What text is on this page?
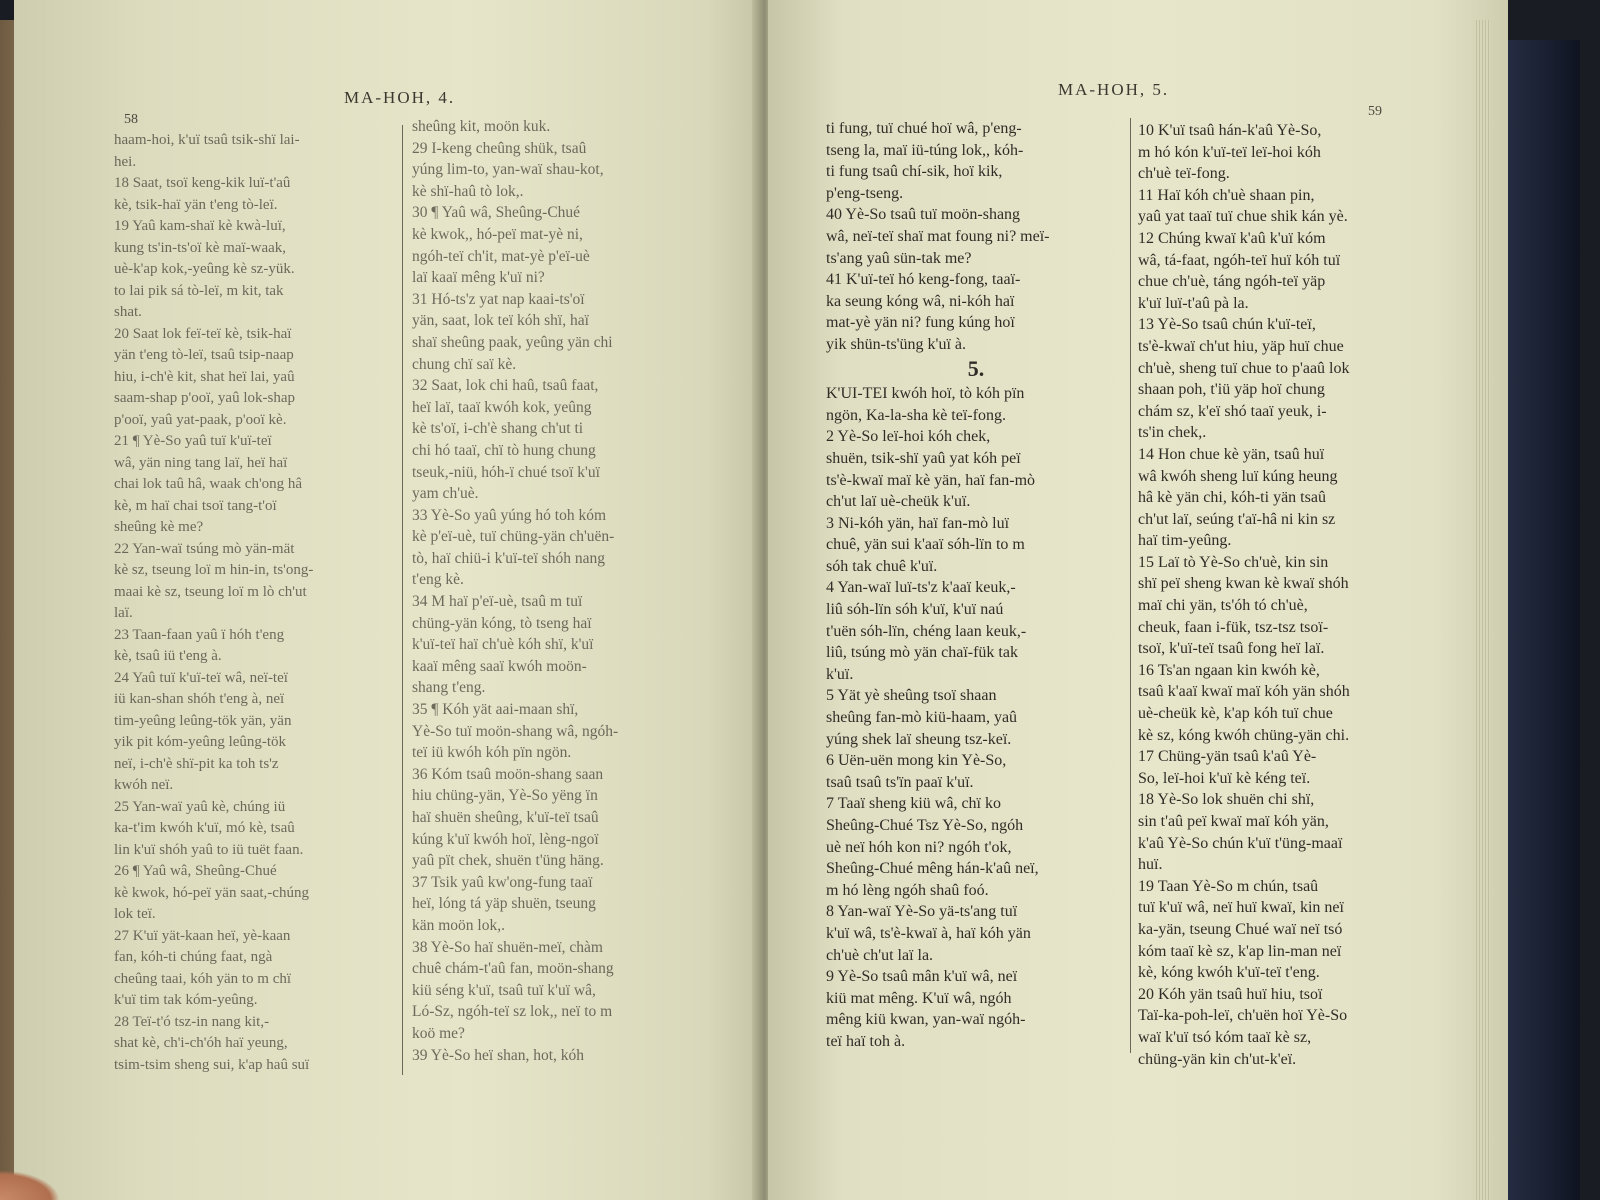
MA-HOH, 4.
58

haam-hoi, k'uï tsaû tsik-shï lai-

hei.

18 Saat, tsoï keng-kik luï-t'aû

kè, tsik-haï yän t'eng tò-leï.

19 Yaû kam-shaï kè kwà-luï,

kung ts'in-ts'oï kè maï-waak,

uè-k'ap kok,-yeûng kè sz-yük.

to lai pik sá tò-leï, m kit, tak

shat.

20 Saat lok feï-teï kè, tsik-haï

yän t'eng tò-leï, tsaû tsip-naap

hiu, i-ch'è kit, shat heï lai, yaû

saam-shap p'ooï, yaû lok-shap

p'ooï, yaû yat-paak, p'ooï kè.

21 ¶ Yè-So yaû tuï k'uï-teï

wâ, yän ning tang laï, heï haï

chai lok taû hâ, waak ch'ong hâ

kè, m haï chai tsoï tang-t'oï

sheûng kè me?

22 Yan-waï tsúng mò yän-mät

kè sz, tseung loï m hin-in, ts'ong-

maai kè sz, tseung loï m lò ch'ut

laï.

23 Taan-faan yaû ï hóh t'eng

kè, tsaû iü t'eng à.

24 Yaû tuï k'uï-teï wâ, neï-teï

iü kan-shan shóh t'eng à, neï

tim-yeûng leûng-tök yän, yän

yik pit kóm-yeûng leûng-tök

neï, i-ch'è shï-pit ka toh ts'z

kwóh neï.

25 Yan-waï yaû kè, chúng iü

ka-t'im kwóh k'uï, mó kè, tsaû

lin k'uï shóh yaû to iü tuët faan.

26 ¶ Yaû wâ, Sheûng-Chué

kè kwok, hó-peï yän saat,-chúng

lok teï.

27 K'uï yät-kaan heï, yè-kaan

fan, kóh-ti chúng faat, ngà

cheûng taai, kóh yän to m chï

k'uï tim tak kóm-yeûng.

28 Teï-t'ó tsz-in nang kit,-

shat kè, ch'i-ch'óh haï yeung,

tsim-tsim sheng sui, k'ap haû suï

sheûng kit, moön kuk.

29 I-keng cheûng shük, tsaû

yúng lim-to, yan-waï shau-kot,

kè shï-haû tò lok,.

30 ¶ Yaû wâ, Sheûng-Chué

kè kwok,, hó-peï mat-yè ni,

ngóh-teï ch'it, mat-yè p'eï-uè

laï kaaï mêng k'uï ni?

31 Hó-ts'z yat nap kaai-ts'oï

yän, saat, lok teï kóh shï, haï

shaï sheûng paak, yeûng yän chi

chung chï saï kè.

32 Saat, lok chi haû, tsaû faat,

heï laï, taaï kwóh kok, yeûng

kè ts'oï, i-ch'è shang ch'ut ti

chi hó taaï, chï tò hung chung

tseuk,-niü, hóh-ï chué tsoï k'uï

yam ch'uè.

33 Yè-So yaû yúng hó toh kóm

kè p'eï-uè, tuï chüng-yän ch'uën-

tò, haï chiü-i k'uï-teï shóh nang

t'eng kè.

34 M haï p'eï-uè, tsaû m tuï

chüng-yän kóng, tò tseng haï

k'uï-teï haï ch'uè kóh shï, k'uï

kaaï mêng saaï kwóh moön-

shang t'eng.

35 ¶ Kóh yät aai-maan shï,

Yè-So tuï moön-shang wâ, ngóh-

teï iü kwóh kóh pïn ngön.

36 Kóm tsaû moön-shang saan

hiu chüng-yän, Yè-So yëng ïn

haï shuën sheûng, k'uï-teï tsaû

kúng k'uï kwóh hoï, lèng-ngoï

yaû pït chek, shuën t'üng häng.

37 Tsik yaû kw'ong-fung taaï

heï, lóng tá yäp shuën, tseung

kän moön lok,.

38 Yè-So haï shuën-meï, chàm

chuê chám-t'aû fan, moön-shang

kiü séng k'uï, tsaû tuï k'uï wâ,

Ló-Sz, ngóh-teï sz lok,, neï to m

koö me?

39 Yè-So heï shan, hot, kóh

MA-HOH, 5.
59

ti fung, tuï chué hoï wâ, p'eng-

tseng la, maï iü-túng lok,, kóh-

ti fung tsaû chí-sik, hoï kik,

p'eng-tseng.

40 Yè-So tsaû tuï moön-shang

wâ, neï-teï shaï mat foung ni? meï-

ts'ang yaû sün-tak me?

41 K'uï-teï hó keng-fong, taaï-

ka seung kóng wâ, ni-kóh haï

mat-yè yän ni? fung kúng hoï

yik shün-ts'üng k'uï à.

5.

K'UI-TEI kwóh hoï, tò kóh pïn

ngön, Ka-la-sha kè teï-fong.

2 Yè-So leï-hoi kóh chek,

shuën, tsik-shï yaû yat kóh peï

ts'è-kwaï maï kè yän, haï fan-mò

ch'ut laï uè-cheük k'uï.

3 Ni-kóh yän, haï fan-mò luï

chuê, yän sui k'aaï sóh-lïn to m

sóh tak chuê k'uï.

4 Yan-waï luï-ts'z k'aaï keuk,-

liû sóh-lïn sóh k'uï, k'uï naú

t'uën sóh-lïn, chéng laan keuk,-

liû, tsúng mò yän chaï-fük tak

k'uï.

5 Yät yè sheûng tsoï shaan

sheûng fan-mò kiü-haam, yaû

yúng shek laï sheung tsz-keï.

6 Uën-uën mong kin Yè-So,

tsaû tsaû ts'ïn paaï k'uï.

7 Taaï sheng kiü wâ, chï ko

Sheûng-Chué Tsz Yè-So, ngóh

uè neï hóh kon ni? ngóh t'ok,

Sheûng-Chué mêng hán-k'aû neï,

m hó lèng ngóh shaû foó.

8 Yan-waï Yè-So yä-ts'ang tuï

k'uï wâ, ts'è-kwaï à, haï kóh yän

ch'uè ch'ut laï la.

9 Yè-So tsaû mân k'uï wâ, neï

kiü mat mêng. K'uï wâ, ngóh

mêng kiü kwan, yan-waï ngóh-

teï haï toh à.

10 K'uï tsaû hán-k'aû Yè-So,

m hó kón k'uï-teï leï-hoi kóh

ch'uè teï-fong.

11 Haï kóh ch'uè shaan pin,

yaû yat taaï tuï chue shik kán yè.

12 Chúng kwaï k'aû k'uï kóm

wâ, tá-faat, ngóh-teï huï kóh tuï

chue ch'uè, táng ngóh-teï yäp

k'uï luï-t'aû pà la.

13 Yè-So tsaû chún k'uï-teï,

ts'è-kwaï ch'ut hiu, yäp huï chue

ch'uè, sheng tuï chue to p'aaû lok

shaan poh, t'iü yäp hoï chung

chám sz, k'eï shó taaï yeuk, i-

ts'in chek,.

14 Hon chue kè yän, tsaû huï

wâ kwóh sheng luï kúng heung

hâ kè yän chi, kóh-ti yän tsaû

ch'ut laï, seúng t'aï-hâ ni kin sz

haï tim-yeûng.

15 Laï tò Yè-So ch'uè, kin sin

shï peï sheng kwan kè kwaï shóh

maï chi yän, ts'óh tó ch'uè,

cheuk, faan i-fük, tsz-tsz tsoï-

tsoï, k'uï-teï tsaû fong heï laï.

16 Ts'an ngaan kin kwóh kè,

tsaû k'aaï kwaï maï kóh yän shóh

uè-cheük kè, k'ap kóh tuï chue

kè sz, kóng kwóh chüng-yän chi.

17 Chüng-yän tsaû k'aû Yè-

So, leï-hoi k'uï kè kéng teï.

18 Yè-So lok shuën chi shï,

sin t'aû peï kwaï maï kóh yän,

k'aû Yè-So chún k'uï t'üng-maaï

huï.

19 Taan Yè-So m chún, tsaû

tuï k'uï wâ, neï huï kwaï, kin neï

ka-yän, tseung Chué waï neï tsó

kóm taaï kè sz, k'ap lin-man neï

kè, kóng kwóh k'uï-teï t'eng.

20 Kóh yän tsaû huï hiu, tsoï

Taï-ka-poh-leï, ch'uën hoï Yè-So

waï k'uï tsó kóm taaï kè sz,

chüng-yän kin ch'ut-k'eï.
